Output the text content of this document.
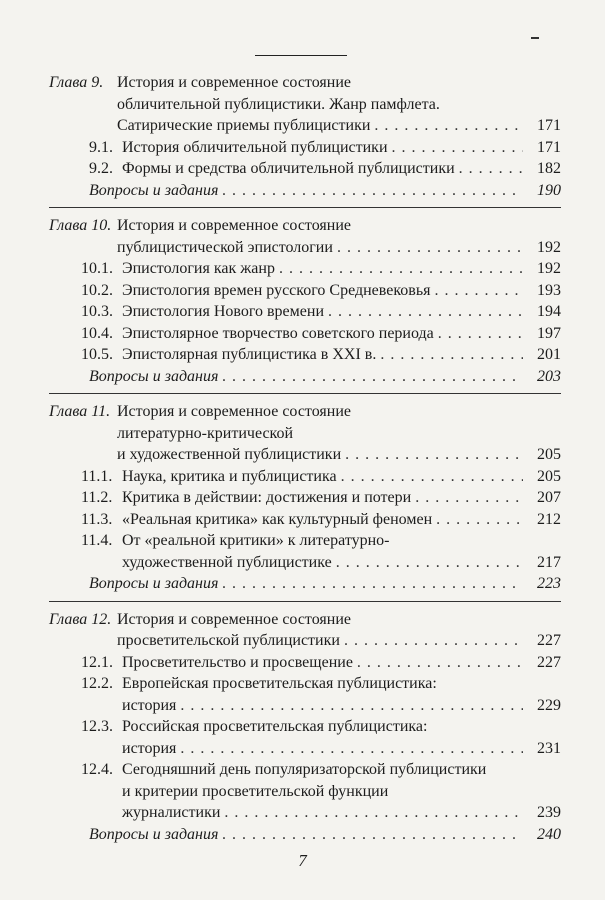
Глава 9. История и современное состояние
обличительной публицистики. Жанр памфлета.
Сатирические приемы публицистики . . .	171
9.1. История обличительной публицистики . . .	171
9.2. Формы и средства обличительной публицистики . . .	182
Вопросы и задания . . .	190
Глава 10. История и современное состояние
публицистической эпистологии . . .	192
10.1. Эпистология как жанр . . .	192
10.2. Эпистология времен русского Средневековья . . .	193
10.3. Эпистология Нового времени . . .	194
10.4. Эпистолярное творчество советского периода . . .	197
10.5. Эпистолярная публицистика в XXI в. . . .	201
Вопросы и задания . . .	203
Глава 11. История и современное состояние
литературно-критической
и художественной публицистики . . .	205
11.1. Наука, критика и публицистика . . .	205
11.2. Критика в действии: достижения и потери . . .	207
11.3. «Реальная критика» как культурный феномен . . .	212
11.4. От «реальной критики» к литературно-
художественной публицистике . . .	217
Вопросы и задания . . .	223
Глава 12. История и современное состояние
просветительской публицистики . . .	227
12.1. Просветительство и просвещение . . .	227
12.2. Европейская просветительская публицистика:
история . . .	229
12.3. Российская просветительская публицистика:
история . . .	231
12.4. Сегодняшний день популяризаторской публицистики
и критерии просветительской функции
журналистики . . .	239
Вопросы и задания . . .	240
7
